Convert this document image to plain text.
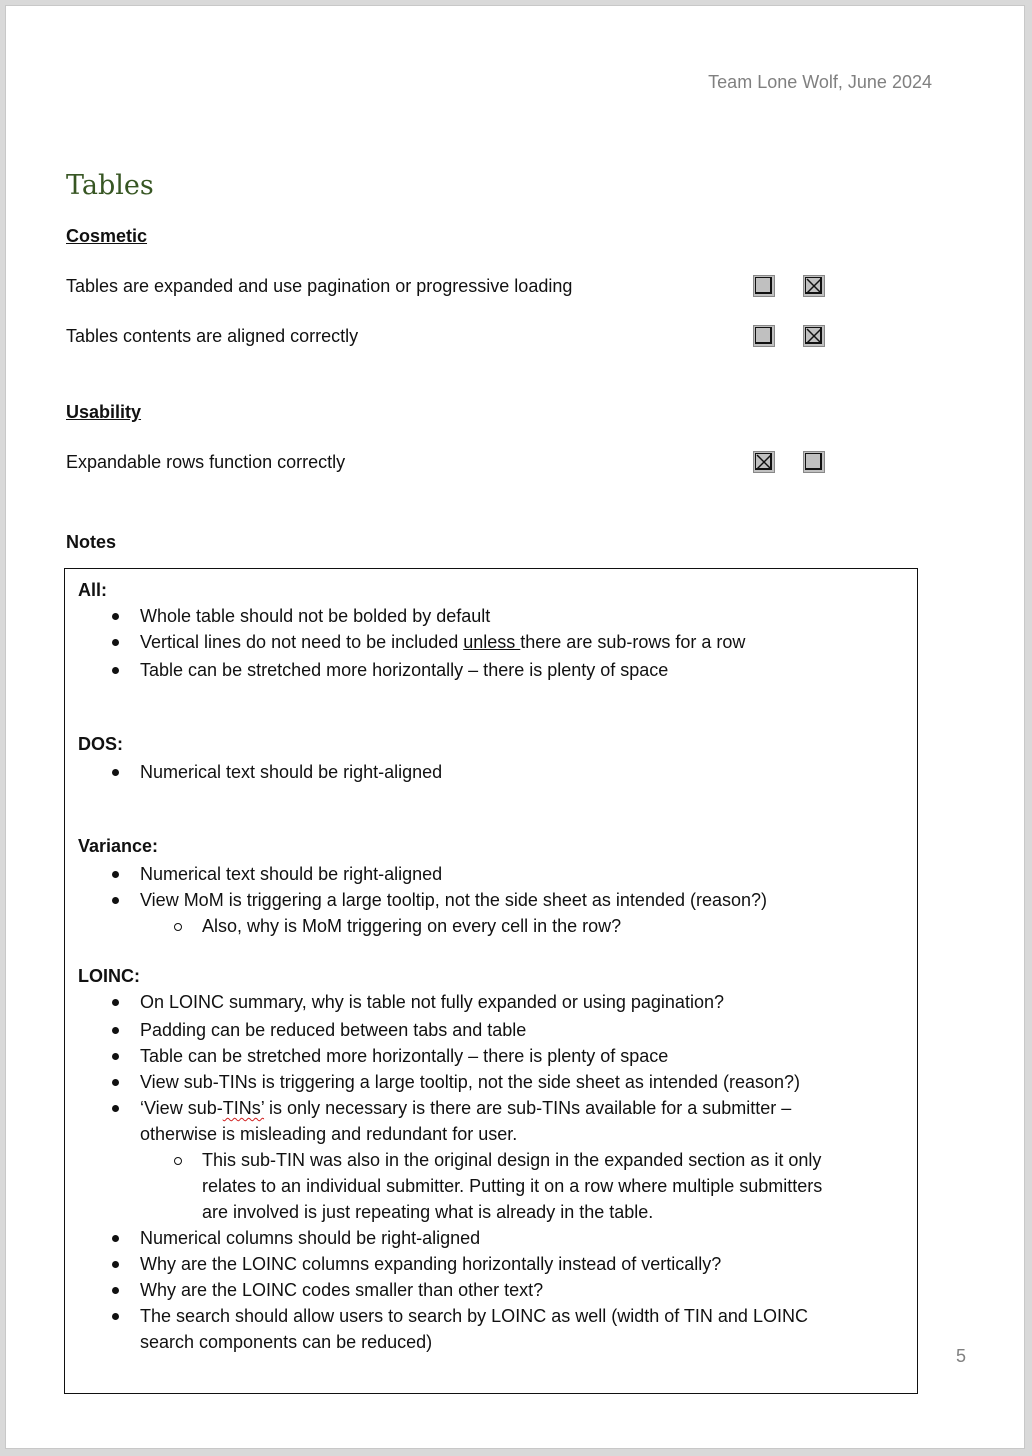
Team Lone Wolf, June 2024
Tables
Cosmetic
Tables are expanded and use pagination or progressive loading
Tables contents are aligned correctly
Usability
Expandable rows function correctly
Notes

All:

Whole table should not be bolded by default
Vertical lines do not need to be included unless there are sub-rows for a row
Table can be stretched more horizontally – there is plenty of space

DOS:

Numerical text should be right-aligned

Variance:

Numerical text should be right-aligned
View MoM is triggering a large tooltip, not the side sheet as intended (reason?)
Also, why is MoM triggering on every cell in the row?

LOINC:

On LOINC summary, why is table not fully expanded or using pagination?
Padding can be reduced between tabs and table
Table can be stretched more horizontally – there is plenty of space
View sub-TINs is triggering a large tooltip, not the side sheet as intended (reason?)
‘View sub-TINs’ is only necessary is there are sub-TINs available for a submitter –
otherwise is misleading and redundant for user.
This sub-TIN was also in the original design in the expanded section as it only
relates to an individual submitter. Putting it on a row where multiple submitters
are involved is just repeating what is already in the table.
Numerical columns should be right-aligned
Why are the LOINC columns expanding horizontally instead of vertically?
Why are the LOINC codes smaller than other text?
The search should allow users to search by LOINC as well (width of TIN and LOINC
search components can be reduced)
5
